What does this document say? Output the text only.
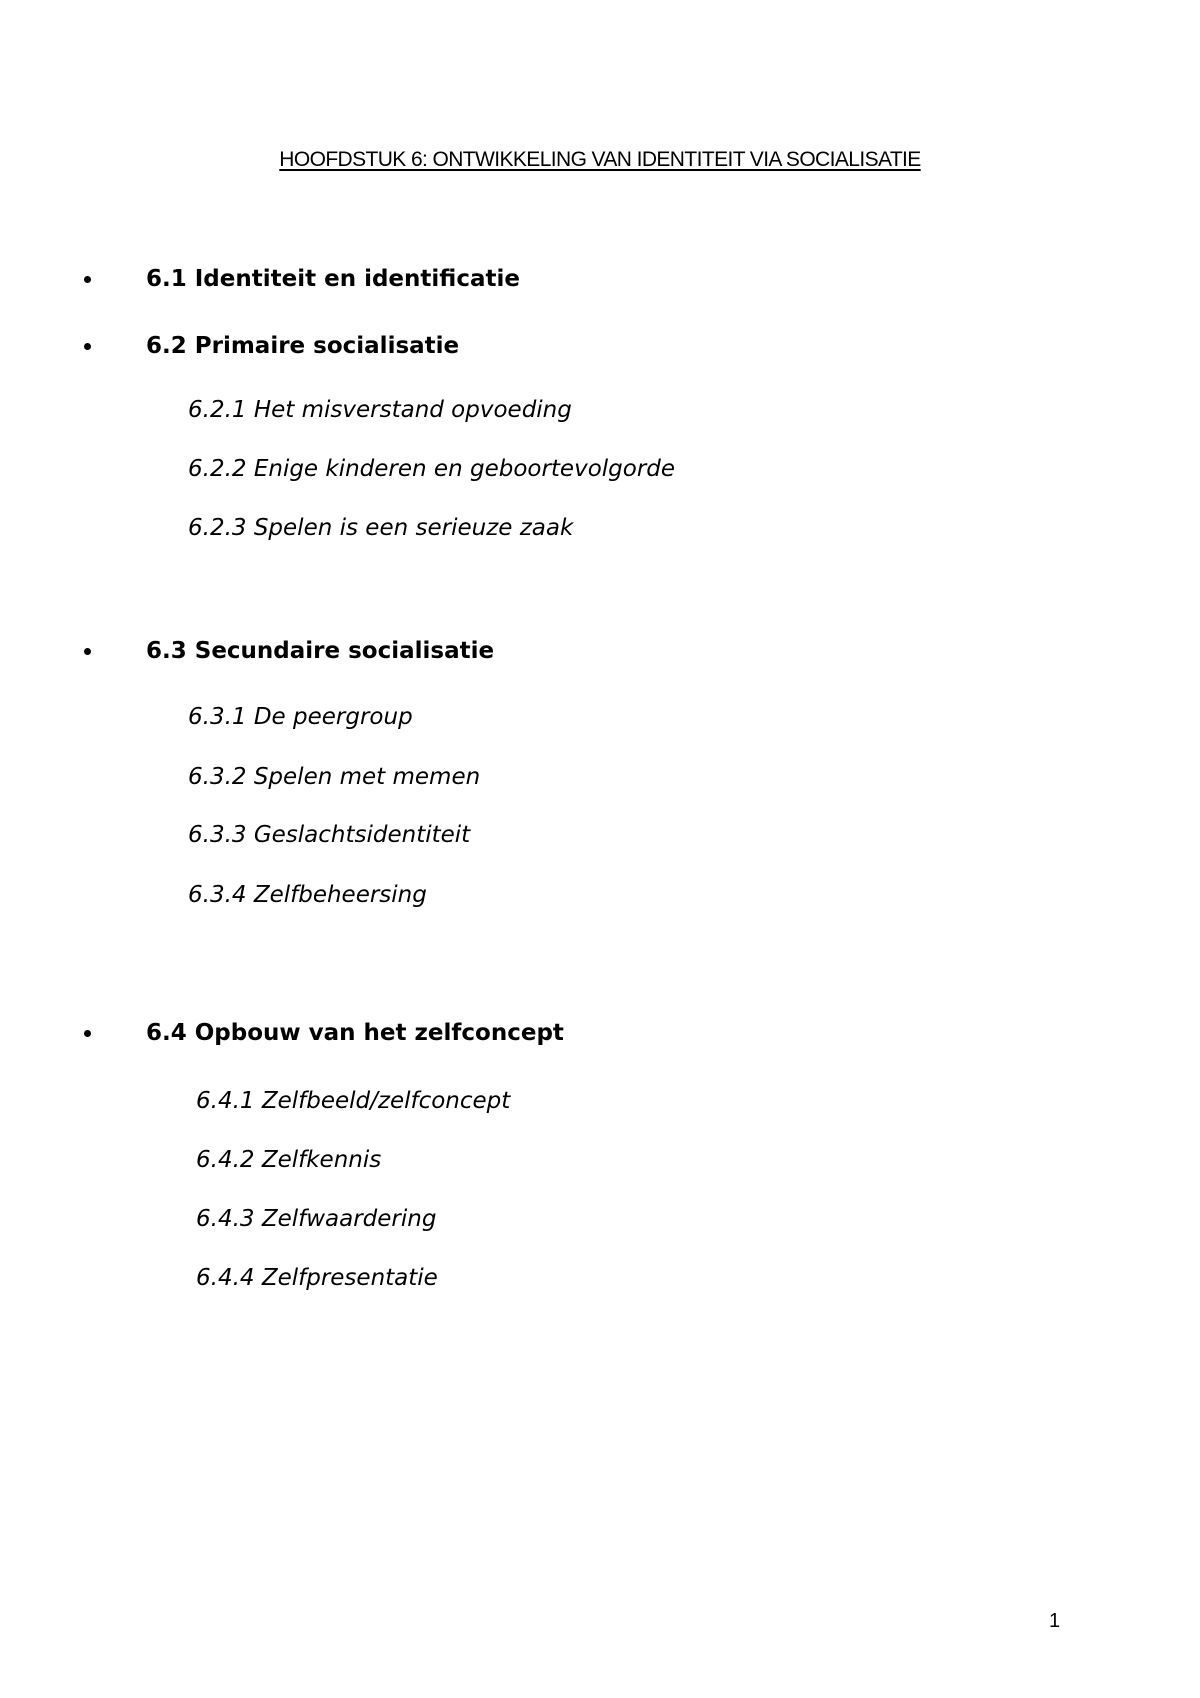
HOOFDSTUK 6: ONTWIKKELING VAN IDENTITEIT VIA SOCIALISATIE
6.1 Identiteit en identificatie
6.2 Primaire socialisatie
6.2.1 Het misverstand opvoeding
6.2.2 Enige kinderen en geboortevolgorde
6.2.3 Spelen is een serieuze zaak
6.3 Secundaire socialisatie
6.3.1 De peergroup
6.3.2 Spelen met memen
6.3.3 Geslachtsidentiteit
6.3.4 Zelfbeheersing
6.4 Opbouw van het zelfconcept
6.4.1 Zelfbeeld/zelfconcept
6.4.2 Zelfkennis
6.4.3 Zelfwaardering
6.4.4 Zelfpresentatie
1
